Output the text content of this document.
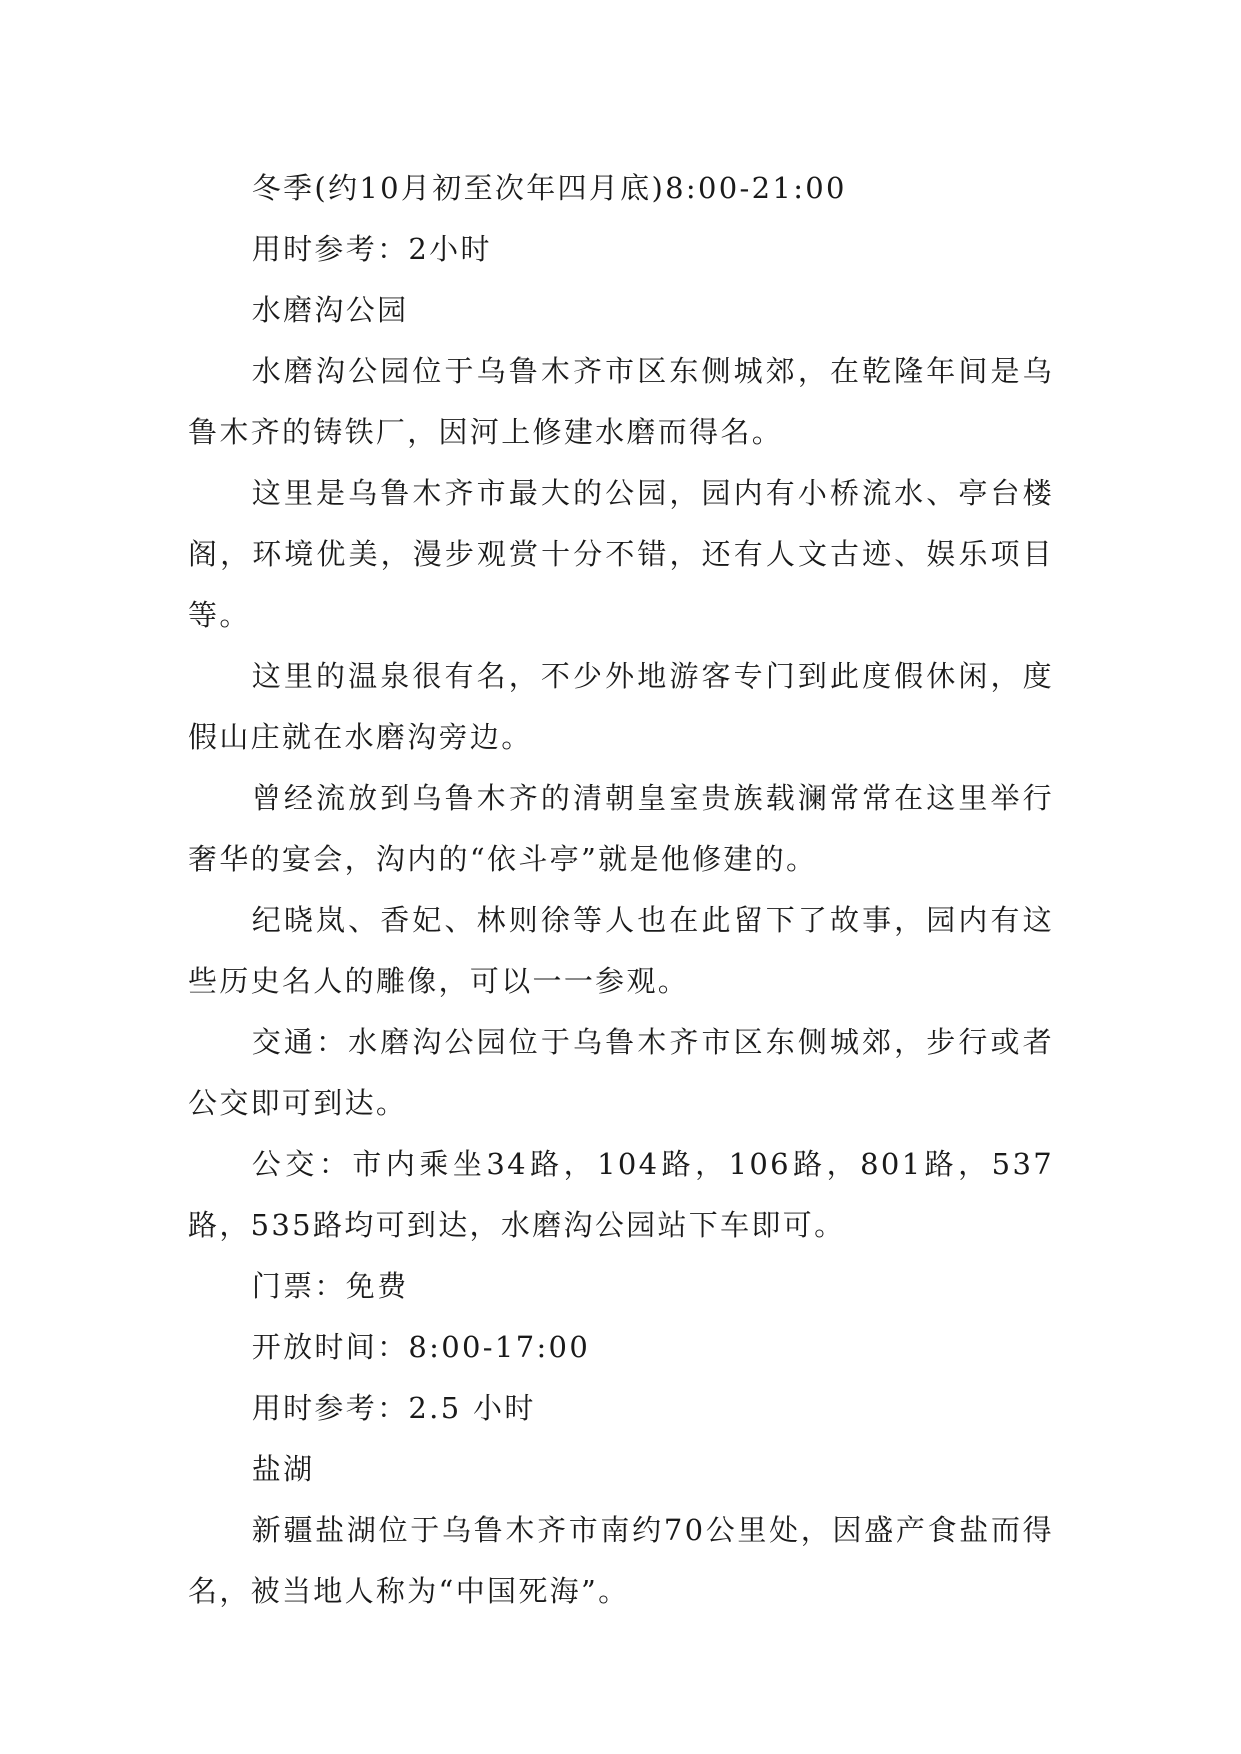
冬季(约10月初至次年四月底)8:00-21:00

用时参考：2小时

水磨沟公园

水磨沟公园位于乌鲁木齐市区东侧城郊，在乾隆年间是乌鲁木齐的铸铁厂，因河上修建水磨而得名。

这里是乌鲁木齐市最大的公园，园内有小桥流水、亭台楼阁，环境优美，漫步观赏十分不错，还有人文古迹、娱乐项目等。

这里的温泉很有名，不少外地游客专门到此度假休闲，度假山庄就在水磨沟旁边。

曾经流放到乌鲁木齐的清朝皇室贵族载澜常常在这里举行奢华的宴会，沟内的“依斗亭”就是他修建的。

纪晓岚、香妃、林则徐等人也在此留下了故事，园内有这些历史名人的雕像，可以一一参观。

交通：水磨沟公园位于乌鲁木齐市区东侧城郊，步行或者公交即可到达。

公交：市内乘坐34路，104路，106路，801路，537路，535路均可到达，水磨沟公园站下车即可。

门票：免费

开放时间：8:00-17:00

用时参考：2.5 小时

盐湖

新疆盐湖位于乌鲁木齐市南约70公里处，因盛产食盐而得名，被当地人称为“中国死海”。
